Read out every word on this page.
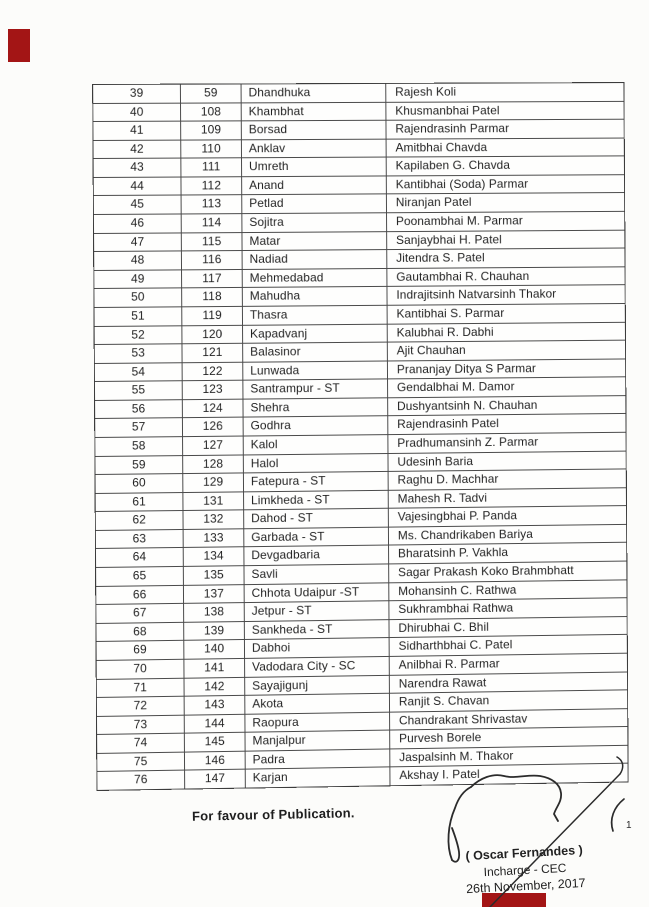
39	59	Dhandhuka	Rajesh Koli
40	108	Khambhat	Khusmanbhai Patel
41	109	Borsad	Rajendrasinh Parmar
42	110	Anklav	Amitbhai Chavda
43	111	Umreth	Kapilaben G. Chavda
44	112	Anand	Kantibhai (Soda) Parmar
45	113	Petlad	Niranjan Patel
46	114	Sojitra	Poonambhai M. Parmar
47	115	Matar	Sanjaybhai H. Patel
48	116	Nadiad	Jitendra S. Patel
49	117	Mehmedabad	Gautambhai R. Chauhan
50	118	Mahudha	Indrajitsinh Natvarsinh Thakor
51	119	Thasra	Kantibhai S. Parmar
52	120	Kapadvanj	Kalubhai R. Dabhi
53	121	Balasinor	Ajit Chauhan
54	122	Lunwada	Prananjay Ditya S Parmar
55	123	Santrampur - ST	Gendalbhai M. Damor
56	124	Shehra	Dushyantsinh N. Chauhan
57	126	Godhra	Rajendrasinh Patel
58	127	Kalol	Pradhumansinh Z. Parmar
59	128	Halol	Udesinh Baria
60	129	Fatepura - ST	Raghu D. Machhar
61	131	Limkheda - ST	Mahesh R. Tadvi
62	132	Dahod - ST	Vajesingbhai P. Panda
63	133	Garbada - ST	Ms. Chandrikaben Bariya
64	134	Devgadbaria	Bharatsinh P. Vakhla
65	135	Savli	Sagar Prakash Koko Brahmbhatt
66	137	Chhota Udaipur -ST	Mohansinh C. Rathwa
67	138	Jetpur - ST	Sukhrambhai Rathwa
68	139	Sankheda - ST	Dhirubhai C. Bhil
69	140	Dabhoi	Sidharthbhai C. Patel
70	141	Vadodara City - SC	Anilbhai R. Parmar
71	142	Sayajigunj	Narendra Rawat
72	143	Akota	Ranjit S. Chavan
73	144	Raopura	Chandrakant Shrivastav
74	145	Manjalpur	Purvesh Borele
75	146	Padra	Jaspalsinh M. Thakor
76	147	Karjan	Akshay I. Patel
For favour of Publication.
( Oscar Fernandes )
Incharge - CEC
26th November, 2017
1
